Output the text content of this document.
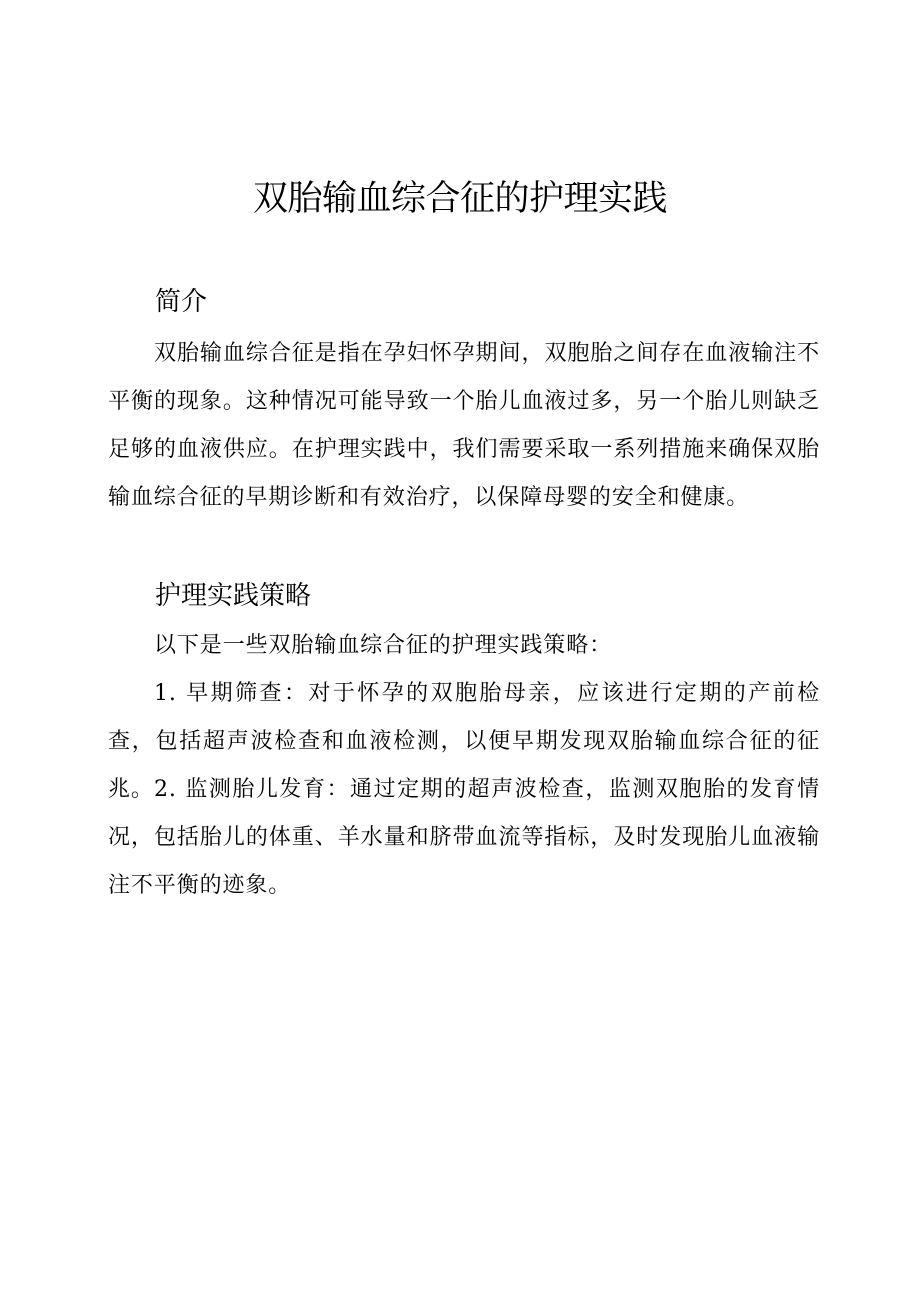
双胎输血综合征的护理实践
简介

双胎输血综合征是指在孕妇怀孕期间，双胞胎之间存在血液输注不平衡的现象。这种情况可能导致一个胎儿血液过多，另一个胎儿则缺乏足够的血液供应。在护理实践中，我们需要采取一系列措施来确保双胎输血综合征的早期诊断和有效治疗，以保障母婴的安全和健康。

护理实践策略

以下是一些双胎输血综合征的护理实践策略：

1. 早期筛查：对于怀孕的双胞胎母亲，应该进行定期的产前检查，包括超声波检查和血液检测，以便早期发现双胎输血综合征的征兆。 2. 监测胎儿发育：通过定期的超声波检查，监测双胞胎的发育情况，包括胎儿的体重、羊水量和脐带血流等指标，及时发现胎儿血液输注不平衡的迹象。
